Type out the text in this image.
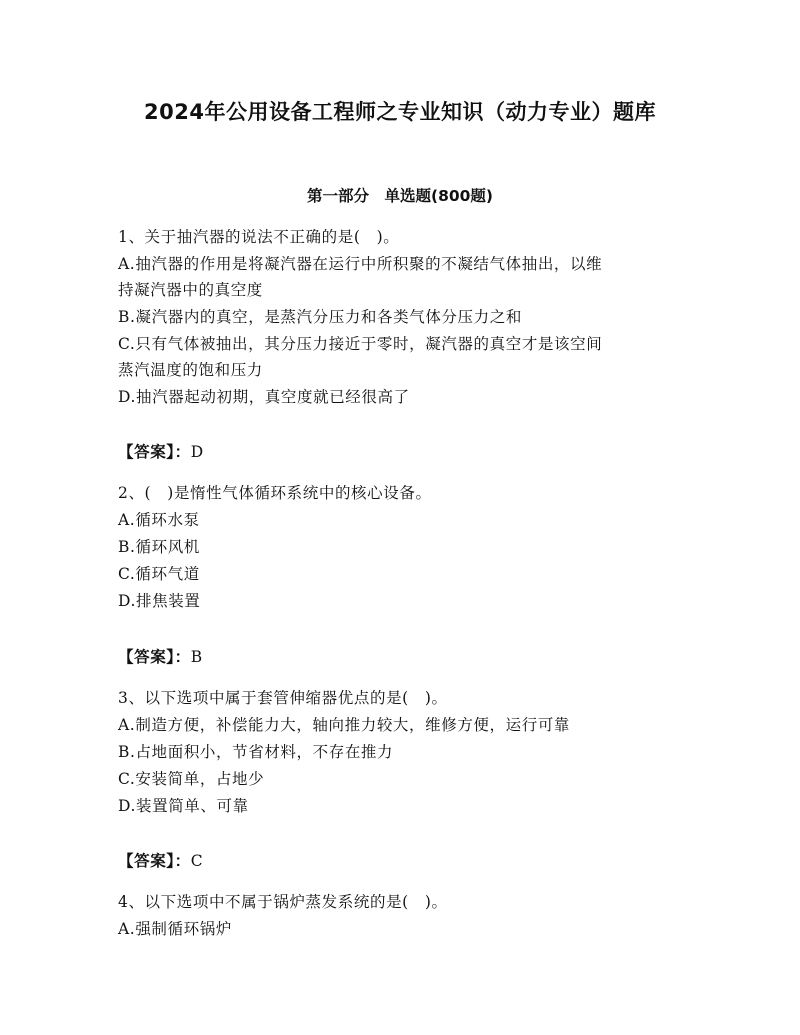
2024年公用设备工程师之专业知识（动力专业）题库
第一部分　单选题(800题)
1、关于抽汽器的说法不正确的是(　)。
A.抽汽器的作用是将凝汽器在运行中所积聚的不凝结气体抽出，以维
持凝汽器中的真空度
B.凝汽器内的真空，是蒸汽分压力和各类气体分压力之和
C.只有气体被抽出，其分压力接近于零时，凝汽器的真空才是该空间
蒸汽温度的饱和压力
D.抽汽器起动初期，真空度就已经很高了
【答案】：D
2、(　)是惰性气体循环系统中的核心设备。
A.循环水泵
B.循环风机
C.循环气道
D.排焦装置
【答案】：B
3、以下选项中属于套管伸缩器优点的是(　)。
A.制造方便，补偿能力大，轴向推力较大，维修方便，运行可靠
B.占地面积小，节省材料，不存在推力
C.安装简单，占地少
D.装置简单、可靠
【答案】：C
4、以下选项中不属于锅炉蒸发系统的是(　)。
A.强制循环锅炉
